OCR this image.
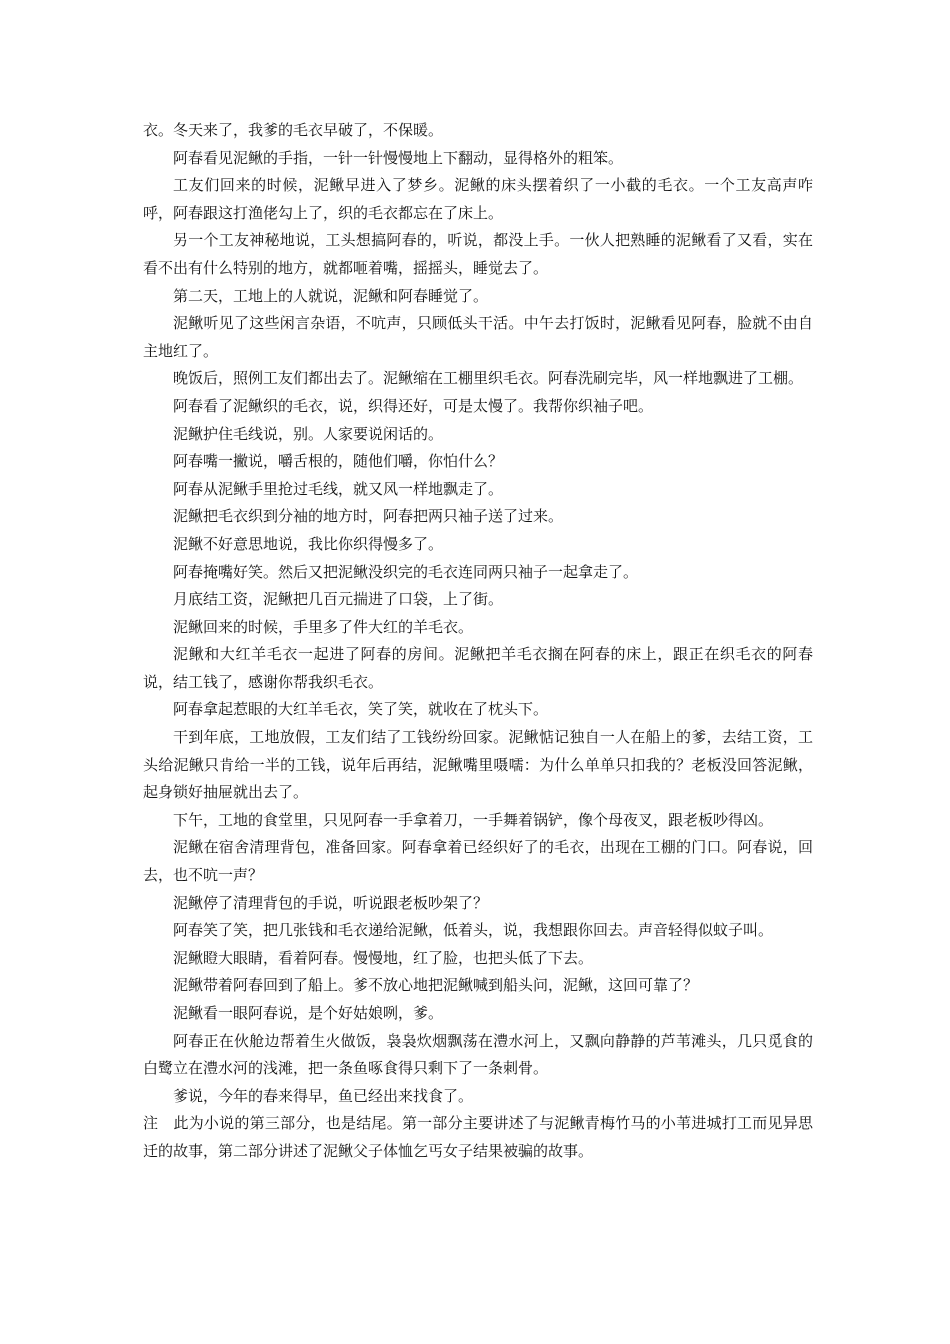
衣。冬天来了，我爹的毛衣早破了，不保暖。

阿春看见泥鳅的手指，一针一针慢慢地上下翻动，显得格外的粗笨。

工友们回来的时候，泥鳅早进入了梦乡。泥鳅的床头摆着织了一小截的毛衣。一个工友高声咋呼，阿春跟这打渔佬勾上了，织的毛衣都忘在了床上。

另一个工友神秘地说，工头想搞阿春的，听说，都没上手。一伙人把熟睡的泥鳅看了又看，实在看不出有什么特别的地方，就都咂着嘴，摇摇头，睡觉去了。

第二天，工地上的人就说，泥鳅和阿春睡觉了。

泥鳅听见了这些闲言杂语，不吭声，只顾低头干活。中午去打饭时，泥鳅看见阿春，脸就不由自主地红了。

晚饭后，照例工友们都出去了。泥鳅缩在工棚里织毛衣。阿春洗刷完毕，风一样地飘进了工棚。

阿春看了泥鳅织的毛衣，说，织得还好，可是太慢了。我帮你织袖子吧。

泥鳅护住毛线说，别。人家要说闲话的。

阿春嘴一撇说，嚼舌根的，随他们嚼，你怕什么？

阿春从泥鳅手里抢过毛线，就又风一样地飘走了。

泥鳅把毛衣织到分袖的地方时，阿春把两只袖子送了过来。

泥鳅不好意思地说，我比你织得慢多了。

阿春掩嘴好笑。然后又把泥鳅没织完的毛衣连同两只袖子一起拿走了。

月底结工资，泥鳅把几百元揣进了口袋，上了街。

泥鳅回来的时候，手里多了件大红的羊毛衣。

泥鳅和大红羊毛衣一起进了阿春的房间。泥鳅把羊毛衣搁在阿春的床上，跟正在织毛衣的阿春说，结工钱了，感谢你帮我织毛衣。

阿春拿起惹眼的大红羊毛衣，笑了笑，就收在了枕头下。

干到年底，工地放假，工友们结了工钱纷纷回家。泥鳅惦记独自一人在船上的爹，去结工资，工头给泥鳅只肯给一半的工钱，说年后再结，泥鳅嘴里嗫嚅：为什么单单只扣我的？老板没回答泥鳅，起身锁好抽屉就出去了。

下午，工地的食堂里，只见阿春一手拿着刀，一手舞着锅铲，像个母夜叉，跟老板吵得凶。

泥鳅在宿舍清理背包，准备回家。阿春拿着已经织好了的毛衣，出现在工棚的门口。阿春说，回去，也不吭一声？

泥鳅停了清理背包的手说，听说跟老板吵架了？

阿春笑了笑，把几张钱和毛衣递给泥鳅，低着头，说，我想跟你回去。声音轻得似蚊子叫。

泥鳅瞪大眼睛，看着阿春。慢慢地，红了脸，也把头低了下去。

泥鳅带着阿春回到了船上。爹不放心地把泥鳅喊到船头问，泥鳅，这回可靠了？

泥鳅看一眼阿春说，是个好姑娘咧，爹。

阿春正在伙舱边帮着生火做饭，袅袅炊烟飘荡在澧水河上，又飘向静静的芦苇滩头，几只觅食的白鹭立在澧水河的浅滩，把一条鱼啄食得只剩下了一条刺骨。

爹说，今年的春来得早，鱼已经出来找食了。

注　此为小说的第三部分，也是结尾。第一部分主要讲述了与泥鳅青梅竹马的小苇进城打工而见异思迁的故事，第二部分讲述了泥鳅父子体恤乞丐女子结果被骗的故事。
